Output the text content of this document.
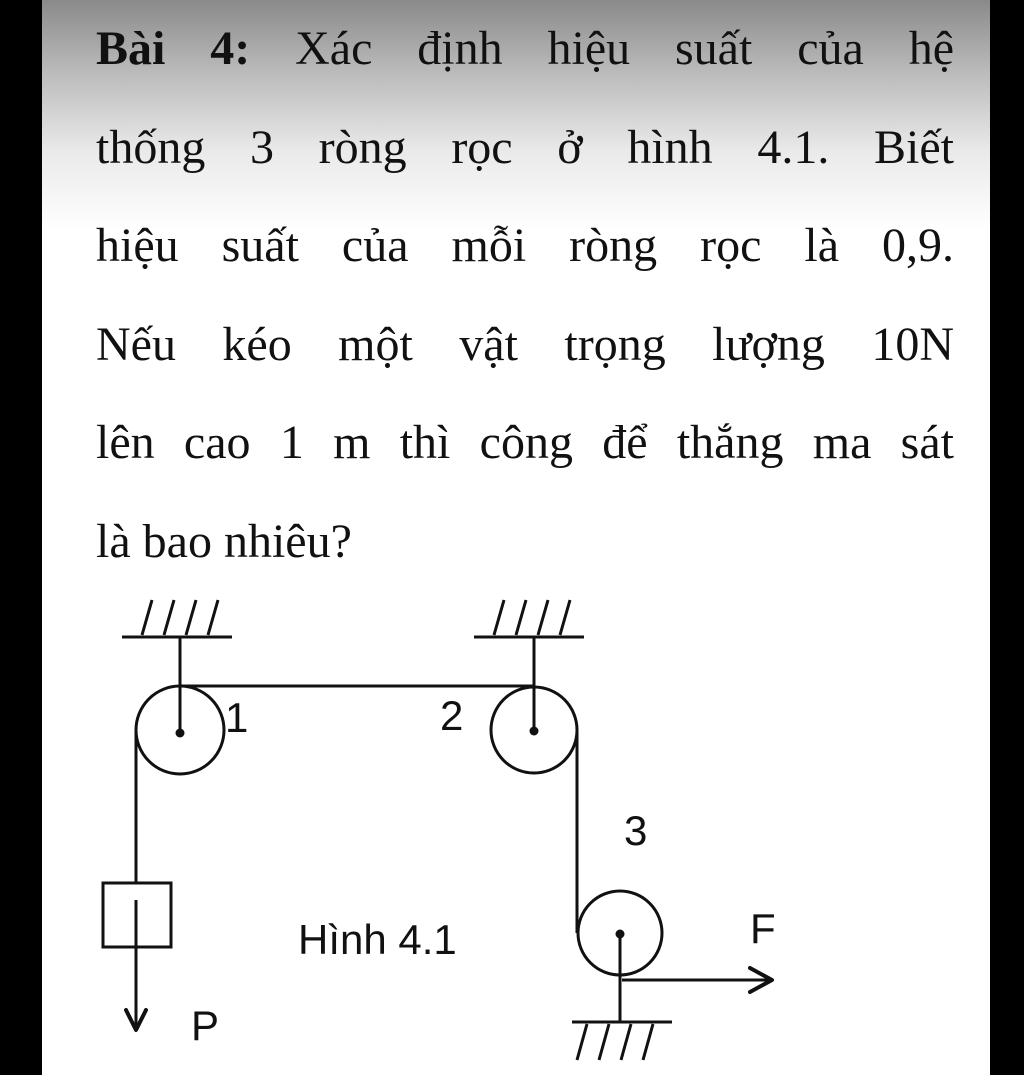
Bài 4: Xác định hiệu suất của hệ
thống 3 ròng rọc ở hình 4.1. Biết
hiệu suất của mỗi ròng rọc là 0,9.
Nếu kéo một vật trọng lượng 10N
lên cao 1 m thì công để thắng ma sát
là bao nhiêu?
1	2
3
F
P
Hình 4.1
